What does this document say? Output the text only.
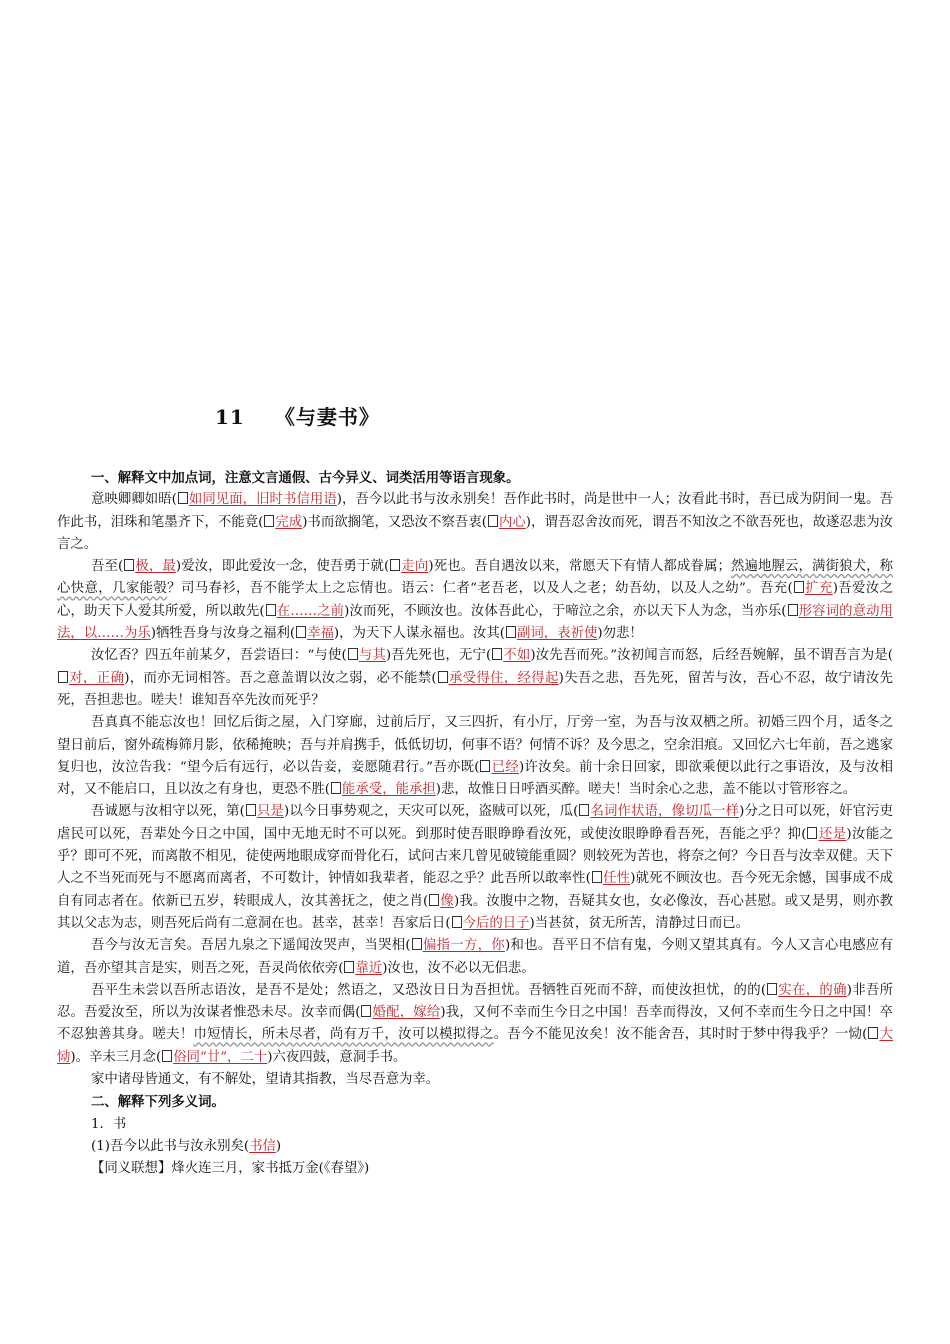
11 《与妻书》

一、解释文中加点词，注意文言通假、古今异义、词类活用等语言现象。

意映卿卿如晤( 如同见面，旧时书信用语)，吾今以此书与汝永别矣！吾作此书时，尚是世中一人；汝看此书时，吾已成为阴间一鬼。吾作此书，泪珠和笔墨齐下，不能竟( 完成)书而欲搁笔，又恐汝不察吾衷( 内心)，谓吾忍舍汝而死，谓吾不知汝之不欲吾死也，故遂忍悲为汝言之。

吾至( 极，最)爱汝，即此爱汝一念，使吾勇于就( 走向)死也。吾自遇汝以来，常愿天下有情人都成眷属；然遍地腥云，满街狼犬，称心快意，几家能彀？司马春衫，吾不能学太上之忘情也。语云：仁者“老吾老，以及人之老；幼吾幼，以及人之幼”。吾充( 扩充)吾爱汝之心，助天下人爱其所爱，所以敢先( 在……之前)汝而死，不顾汝也。汝体吾此心，于啼泣之余，亦以天下人为念，当亦乐( 形容词的意动用法，以……为乐)牺牲吾身与汝身之福利( 幸福)，为天下人谋永福也。汝其( 副词，表祈使)勿悲！

汝忆否？四五年前某夕，吾尝语曰：“与使( 与其)吾先死也，无宁( 不如)汝先吾而死。”汝初闻言而怒，后经吾婉解，虽不谓吾言为是(对，正确)，而亦无词相答。吾之意盖谓以汝之弱，必不能禁( 承受得住，经得起)失吾之悲，吾先死，留苦与汝，吾心不忍，故宁请汝先死，吾担悲也。嗟夫！谁知吾卒先汝而死乎？

吾真真不能忘汝也！回忆后街之屋，入门穿廊，过前后厅，又三四折，有小厅，厅旁一室，为吾与汝双栖之所。初婚三四个月，适冬之望日前后，窗外疏梅筛月影，依稀掩映；吾与并肩携手，低低切切，何事不语？何情不诉？及今思之，空余泪痕。又回忆六七年前，吾之逃家复归也，汝泣告我：“望今后有远行，必以告妾，妾愿随君行。”吾亦既( 已经)许汝矣。前十余日回家，即欲乘便以此行之事语汝，及与汝相对，又不能启口，且以汝之有身也，更恐不胜( 能承受，能承担)悲，故惟日日呼酒买醉。嗟夫！当时余心之悲，盖不能以寸管形容之。

吾诚愿与汝相守以死，第( 只是)以今日事势观之，天灾可以死，盗贼可以死，瓜( 名词作状语，像切瓜一样)分之日可以死，奸官污吏虐民可以死，吾辈处今日之中国，国中无地无时不可以死。到那时使吾眼睁睁看汝死，或使汝眼睁睁看吾死，吾能之乎？抑( 还是)汝能之乎？即可不死，而离散不相见，徒使两地眼成穿而骨化石，试问古来几曾见破镜能重圆？则较死为苦也，将奈之何？今日吾与汝幸双健。天下人之不当死而死与不愿离而离者，不可数计，钟情如我辈者，能忍之乎？此吾所以敢率性( 任性)就死不顾汝也。吾今死无余憾，国事成不成自有同志者在。依新已五岁，转眼成人，汝其善抚之，使之肖( 像)我。汝腹中之物，吾疑其女也，女必像汝，吾心甚慰。或又是男，则亦教其以父志为志，则吾死后尚有二意洞在也。甚幸，甚幸！吾家后日( 今后的日子)当甚贫，贫无所苦，清静过日而已。

吾今与汝无言矣。吾居九泉之下遥闻汝哭声，当哭相( 偏指一方，你)和也。吾平日不信有鬼，今则又望其真有。今人又言心电感应有道，吾亦望其言是实，则吾之死，吾灵尚依依旁( 靠近)汝也，汝不必以无侣悲。

吾平生未尝以吾所志语汝，是吾不是处；然语之，又恐汝日日为吾担忧。吾牺牲百死而不辞，而使汝担忧，的的( 实在，的确)非吾所忍。吾爱汝至，所以为汝谋者惟恐未尽。汝幸而偶( 婚配，嫁给)我，又何不幸而生今日之中国！吾幸而得汝，又何不幸而生今日之中国！卒不忍独善其身。嗟夫！巾短情长，所未尽者，尚有万千，汝可以模拟得之。吾今不能见汝矣！汝不能舍吾，其时时于梦中得我乎？一恸( 大恸)。辛未三月念( 俗同“廿”，二十)六夜四鼓，意洞手书。

家中诸母皆通文，有不解处，望请其指教，当尽吾意为幸。

二、解释下列多义词。

1．书

(1)吾今以此书与汝永别矣(书信)

【同义联想】烽火连三月，家书抵万金(《春望》)
